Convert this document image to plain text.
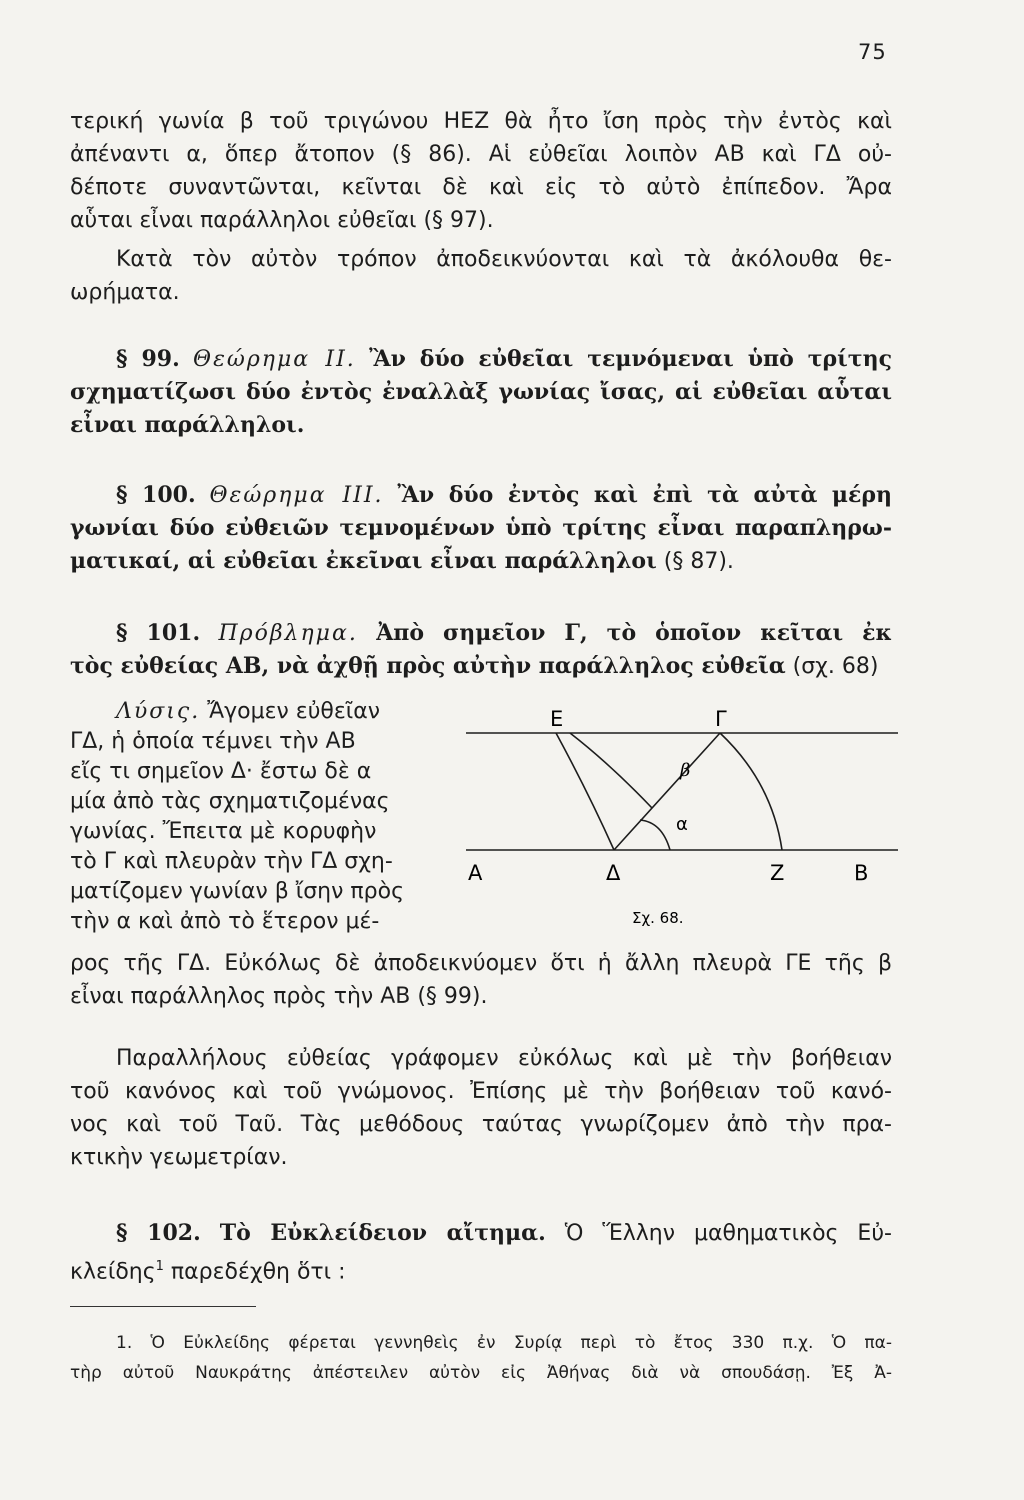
75
τερική γωνία β τοῦ τριγώνου ΗΕΖ θὰ ἦτο ἴση πρὸς τὴν ἐντὸς καὶ
ἀπέναντι α, ὅπερ ἄτοπον (§ 86). Αἱ εὐθεῖαι λοιπὸν ΑΒ καὶ ΓΔ οὐ-
δέποτε συναντῶνται, κεῖνται δὲ καὶ εἰς τὸ αὐτὸ ἐπίπεδον. Ἄρα
αὗται εἶναι παράλληλοι εὐθεῖαι (§ 97).
Κατὰ τὸν αὐτὸν τρόπον ἀποδεικνύονται καὶ τὰ ἀκόλουθα θε-
ωρήματα.
§ 99. Θεώρημα ΙΙ. Ἂν δύο εὐθεῖαι τεμνόμεναι ὑπὸ τρίτης
σχηματίζωσι δύο ἐντὸς ἐναλλὰξ γωνίας ἴσας, αἱ εὐθεῖαι αὗται
εἶναι παράλληλοι.
§ 100. Θεώρημα ΙΙΙ. Ἂν δύο ἐντὸς καὶ ἐπὶ τὰ αὐτὰ μέρη
γωνίαι δύο εὐθειῶν τεμνομένων ὑπὸ τρίτης εἶναι παραπληρω-
ματικαί, αἱ εὐθεῖαι ἐκεῖναι εἶναι παράλληλοι (§ 87).
§ 101. Πρόβλημα. Ἀπὸ σημεῖον Γ, τὸ ὁποῖον κεῖται ἐκ
τὸς εὐθείας ΑΒ, νὰ ἀχθῇ πρὸς αὐτὴν παράλληλος εὐθεῖα (σχ. 68)
Λύσις. Ἄγομεν εὐθεῖαν
ΓΔ, ἡ ὁποία τέμνει τὴν ΑΒ
εἴς τι σημεῖον Δ· ἔστω δὲ α
μία ἀπὸ τὰς σχηματιζομένας
γωνίας. Ἔπειτα μὲ κορυφὴν
τὸ Γ καὶ πλευρὰν τὴν ΓΔ σχη-
ματίζομεν γωνίαν β ἴσην πρὸς
τὴν α καὶ ἀπὸ τὸ ἕτερον μέ-
Ε	Γ
β
α
Α	Δ	Ζ	Β
Σχ. 68.
ρος τῆς ΓΔ. Εὐκόλως δὲ ἀποδεικνύομεν ὅτι ἡ ἄλλη πλευρὰ ΓΕ τῆς β
εἶναι παράλληλος πρὸς τὴν ΑΒ (§ 99).
Παραλλήλους εὐθείας γράφομεν εὐκόλως καὶ μὲ τὴν βοήθειαν
τοῦ κανόνος καὶ τοῦ γνώμονος. Ἐπίσης μὲ τὴν βοήθειαν τοῦ κανό-
νος καὶ τοῦ Ταῦ. Τὰς μεθόδους ταύτας γνωρίζομεν ἀπὸ τὴν πρα-
κτικὴν γεωμετρίαν.
§ 102. Τὸ Εὐκλείδειον αἴτημα. Ὁ Ἕλλην μαθηματικὸς Εὐ-
κλείδης$^1$ παρεδέχθη ὅτι :
1. Ὁ Εὐκλείδης φέρεται γεννηθεὶς ἐν Συρίᾳ περὶ τὸ ἔτος 330 π.χ. Ὁ πα-
τὴρ αὐτοῦ Ναυκράτης ἀπέστειλεν αὐτὸν εἰς Ἀθήνας διὰ νὰ σπουδάσῃ. Ἐξ Ἀ-
